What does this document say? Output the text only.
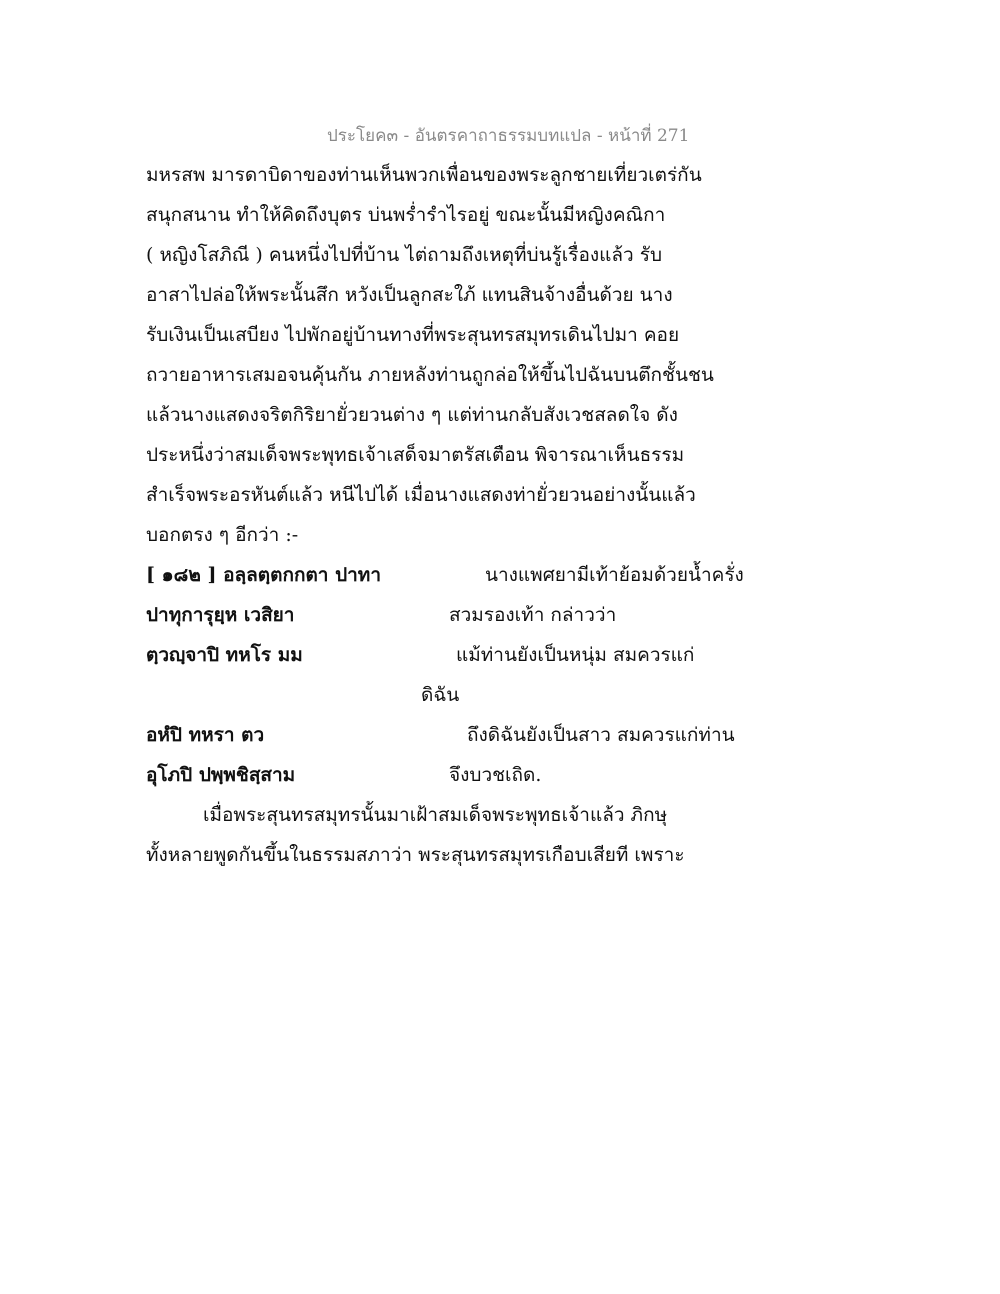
ประโยค๓ - อันตรคาถาธรรมบทแปล - หน้าที่ 271
มหรสพ มารดาบิดาของท่านเห็นพวกเพื่อนของพระลูกชายเที่ยวเตร่กัน
สนุกสนาน ทำให้คิดถึงบุตร บ่นพร่ำรำไรอยู่ ขณะนั้นมีหญิงคณิกา
( หญิงโสภิณี ) คนหนึ่งไปที่บ้าน ไต่ถามถึงเหตุที่บ่นรู้เรื่องแล้ว รับ
อาสาไปล่อให้พระนั้นสึก หวังเป็นลูกสะใภ้ แทนสินจ้างอื่นด้วย นาง
รับเงินเป็นเสบียง ไปพักอยู่บ้านทางที่พระสุนทรสมุทรเดินไปมา คอย
ถวายอาหารเสมอจนคุ้นกัน ภายหลังท่านถูกล่อให้ขึ้นไปฉันบนตึกชั้นชน
แล้วนางแสดงจริตกิริยายั่วยวนต่าง ๆ แต่ท่านกลับสังเวชสลดใจ ดัง
ประหนึ่งว่าสมเด็จพระพุทธเจ้าเสด็จมาตรัสเตือน พิจารณาเห็นธรรม
สำเร็จพระอรหันต์แล้ว หนีไปได้ เมื่อนางแสดงท่ายั่วยวนอย่างนั้นแล้ว
บอกตรง ๆ อีกว่า :-
[ ๑๘๒ ] อลฺลตฺตกกตา ปาทา	นางแพศยามีเท้าย้อมด้วยน้ำครั่ง
ปาทุการุยฺห เวสิยา	สวมรองเท้า กล่าวว่า
ตฺวญฺจาปิ ทหโร มม	แม้ท่านยังเป็นหนุ่ม สมควรแก่
ดิฉัน
อหํปิ ทหรา ตว	ถึงดิฉันยังเป็นสาว สมควรแก่ท่าน
อุโภปิ ปพฺพชิสฺสาม	จึงบวชเถิด.
เมื่อพระสุนทรสมุทรนั้นมาเฝ้าสมเด็จพระพุทธเจ้าแล้ว ภิกษุ
ทั้งหลายพูดกันขึ้นในธรรมสภาว่า พระสุนทรสมุทรเกือบเสียที เพราะ
